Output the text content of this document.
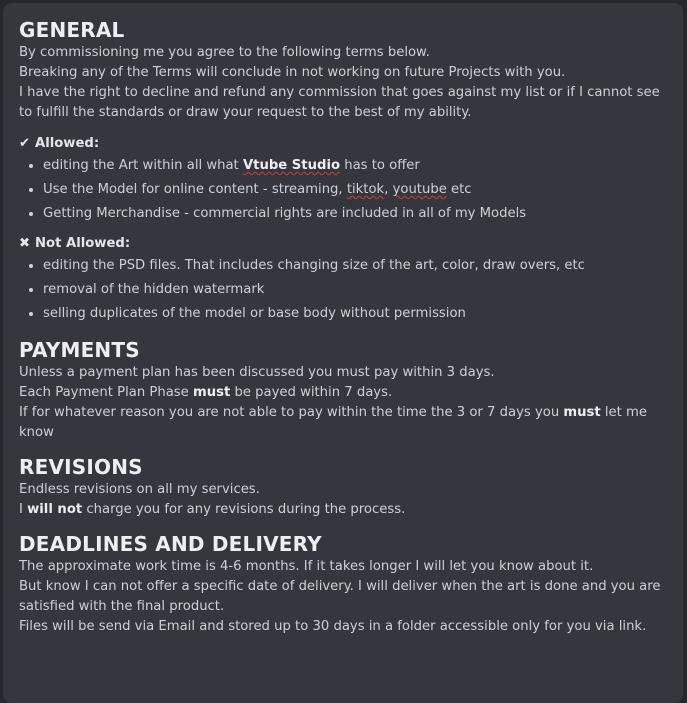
GENERAL

By commissioning me you agree to the following terms below.

Breaking any of the Terms will conclude in not working on future Projects with you.

I have the right to decline and refund any commission that goes against my list or if I cannot see to fulfill the standards or draw your request to the best of my ability.

✔ Allowed:
• editing the Art within all what Vtube Studio has to offer
• Use the Model for online content - streaming, tiktok, youtube etc
• Getting Merchandise - commercial rights are included in all of my Models
✖ Not Allowed:
• editing the PSD files. That includes changing size of the art, color, draw overs, etc
• removal of the hidden watermark
• selling duplicates of the model or base body without permission
PAYMENTS

Unless a payment plan has been discussed you must pay within 3 days.

Each Payment Plan Phase must be payed within 7 days.

If for whatever reason you are not able to pay within the time the 3 or 7 days you must let me know

REVISIONS

Endless revisions on all my services.

I will not charge you for any revisions during the process.

DEADLINES AND DELIVERY

The approximate work time is 4-6 months. If it takes longer I will let you know about it.

But know I can not offer a specific date of delivery. I will deliver when the art is done and you are satisfied with the final product.

Files will be send via Email and stored up to 30 days in a folder accessible only for you via link.
